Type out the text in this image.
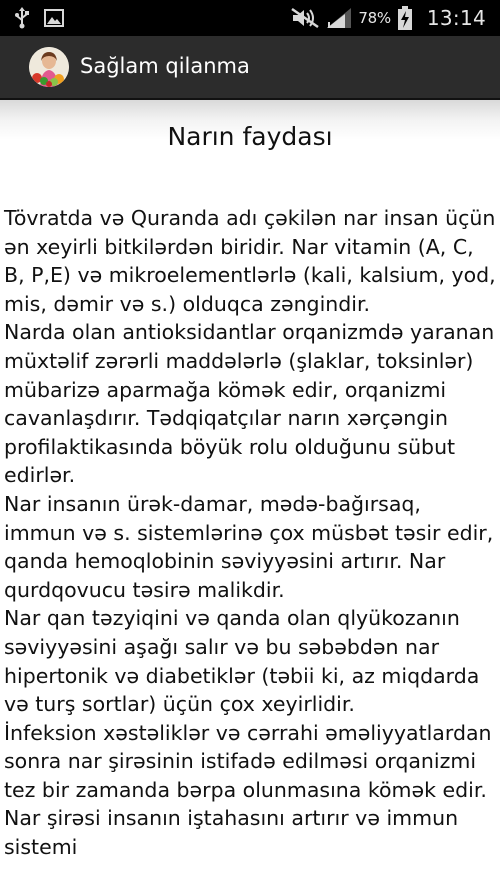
78% 13:14
Sağlam qilanma
Narın faydası

Tövratda və Quranda adı çəkilən nar insan üçün ən xeyirli bitkilərdən biridir. Nar vitamin (A, C, B, P,E) və mikroelementlərlə (kali, kalsium, yod, mis, dəmir və s.) olduqca zəngindir.

Narda olan antioksidantlar orqanizmdə yaranan müxtəlif zərərli maddələrlə (şlaklar, toksinlər) mübarizə aparmağa kömək edir, orqanizmi cavanlaşdırır. Tədqiqatçılar narın xərçəngin profilaktikasında böyük rolu olduğunu sübut edirlər.

Nar insanın ürək-damar, mədə-bağırsaq, immun və s. sistemlərinə çox müsbət təsir edir, qanda hemoqlobinin səviyyəsini artırır. Nar qurdqovucu təsirə malikdir.

Nar qan təzyiqini və qanda olan qlyükozanın səviyyəsini aşağı salır və bu səbəbdən nar hipertonik və diabetiklər (təbii ki, az miqdarda və turş sortlar) üçün çox xeyirlidir.

İnfeksion xəstəliklər və cərrahi əməliyyatlardan sonra nar şirəsinin istifadə edilməsi orqanizmi tez bir zamanda bərpa olunmasına kömək edir. Nar şirəsi insanın iştahasını artırır və immun sistemi
